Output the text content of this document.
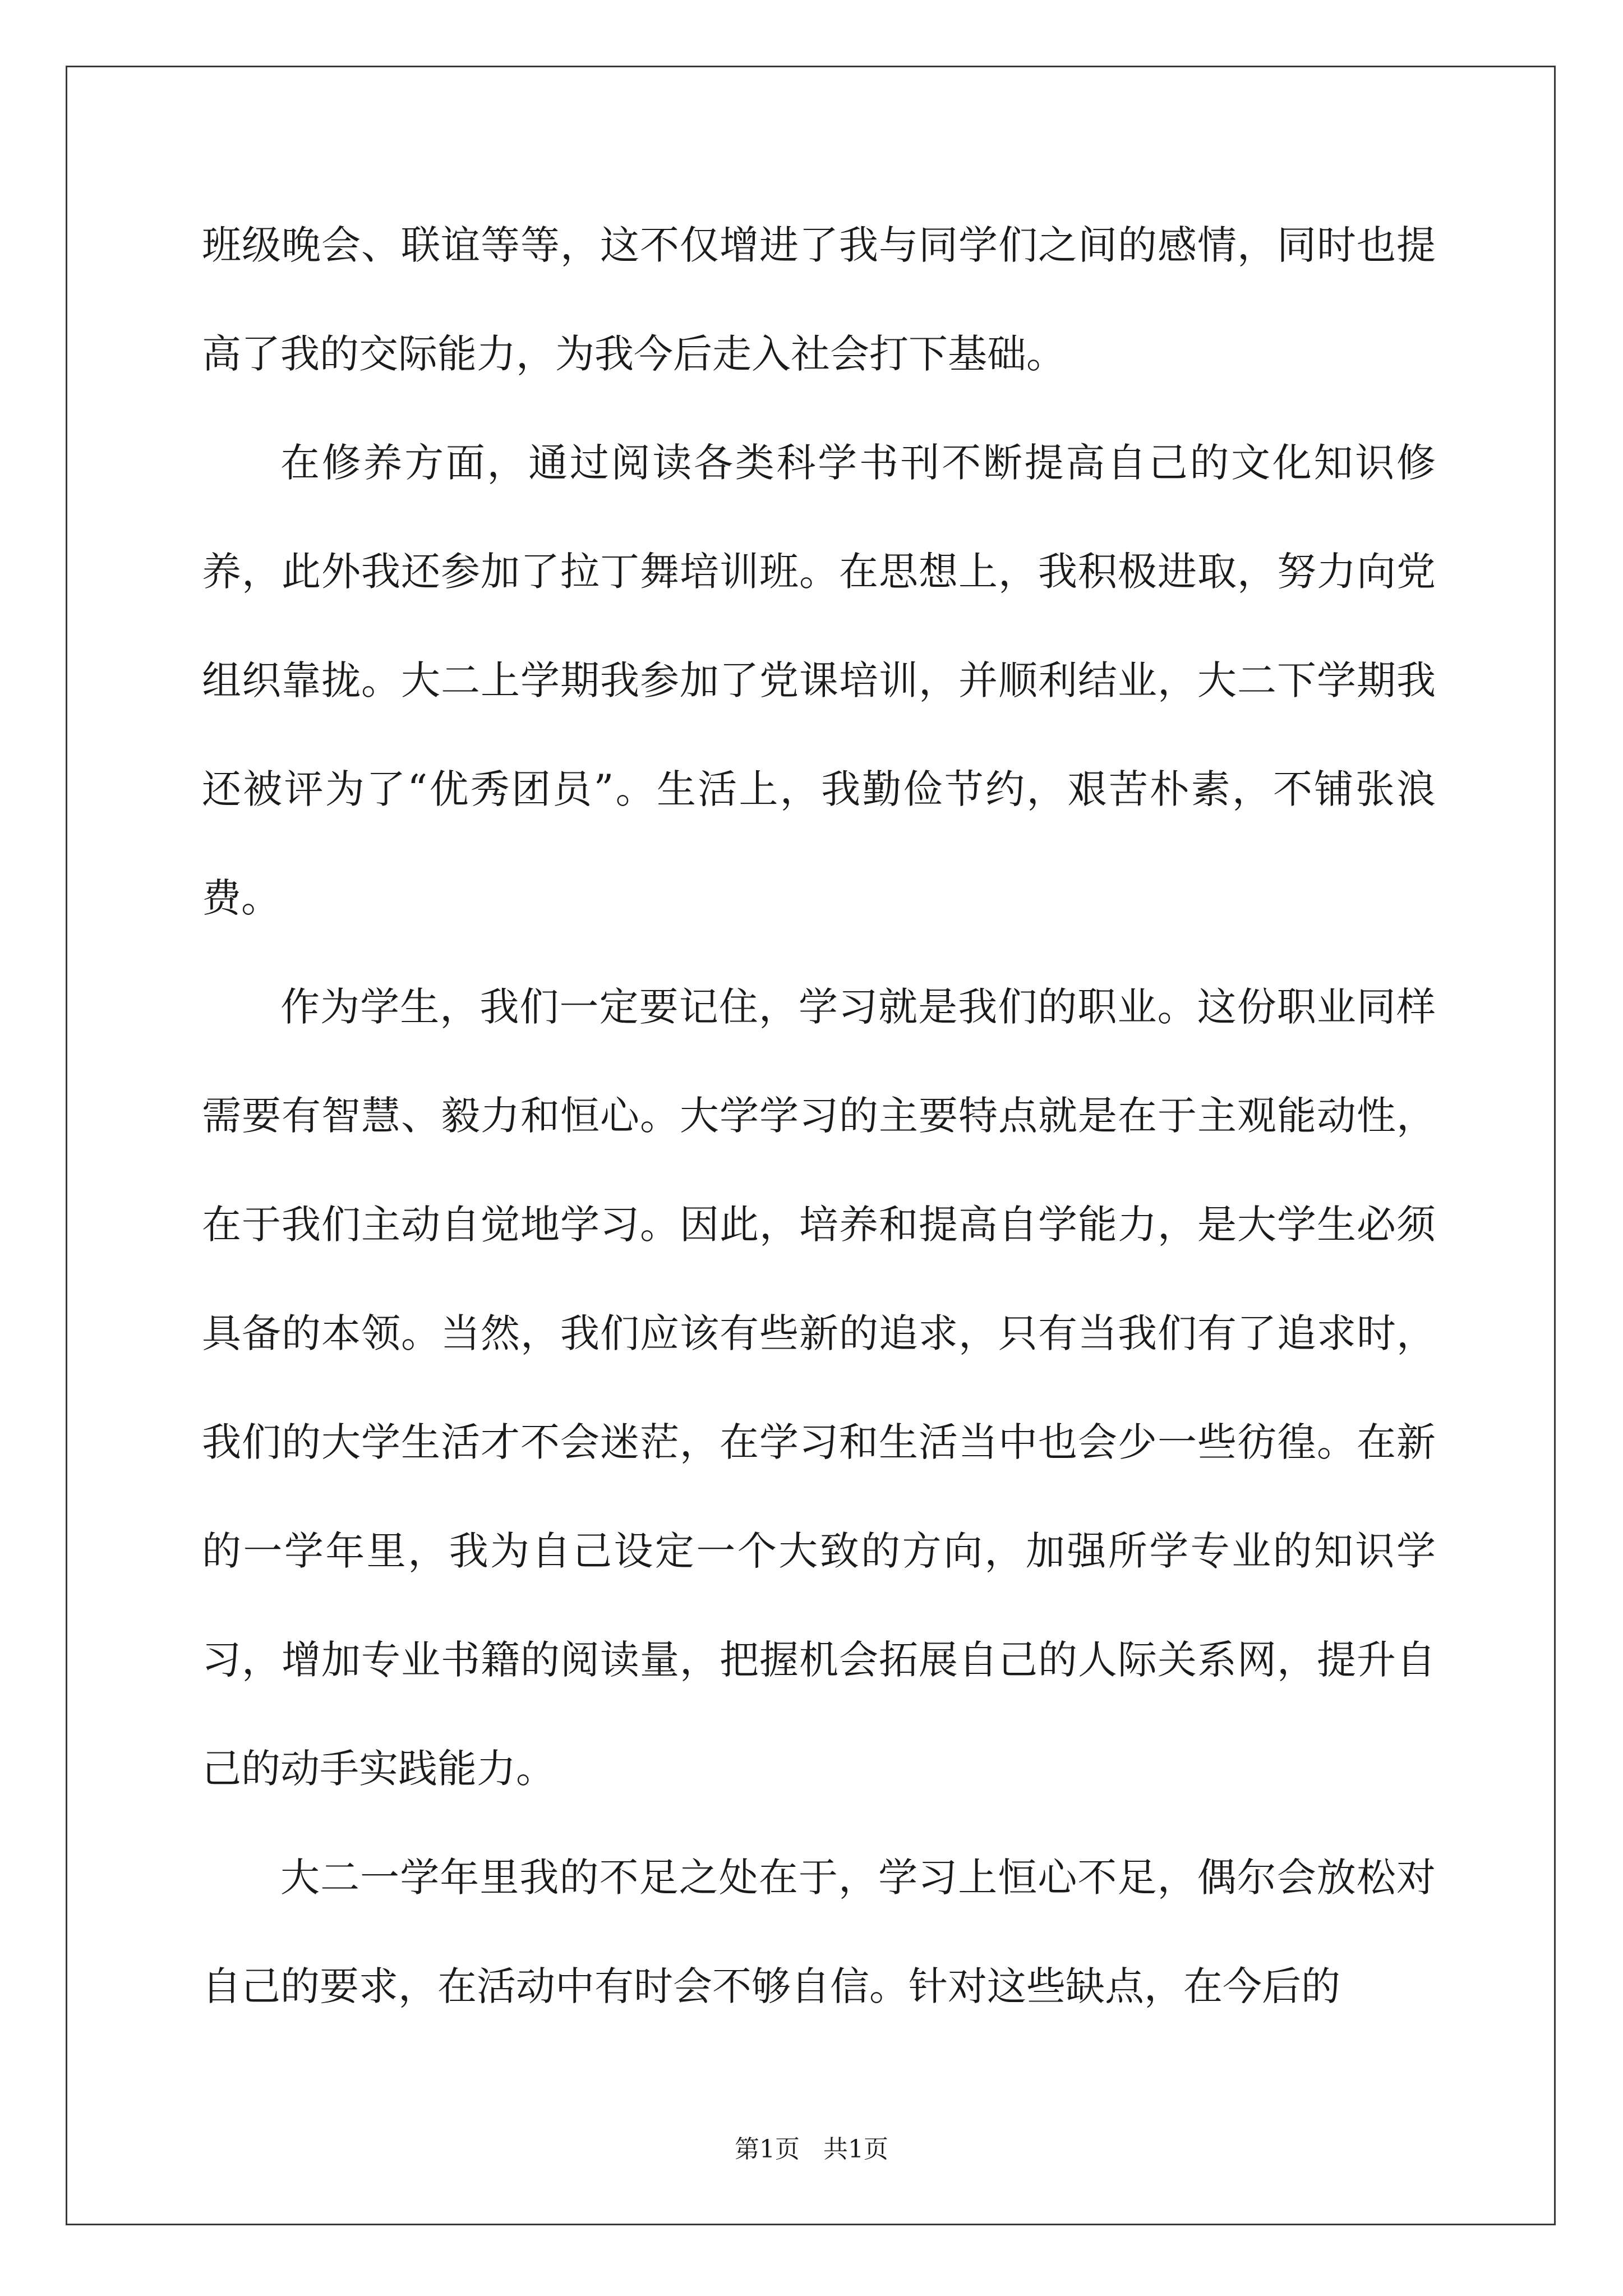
班级晚会、联谊等等，这不仅增进了我与同学们之间的感情，同时也提高了我的交际能力，为我今后走入社会打下基础。

在修养方面，通过阅读各类科学书刊不断提高自己的文化知识修养，此外我还参加了拉丁舞培训班。在思想上，我积极进取，努力向党组织靠拢。大二上学期我参加了党课培训，并顺利结业，大二下学期我还被评为了“优秀团员”。生活上，我勤俭节约，艰苦朴素，不铺张浪费。

作为学生，我们一定要记住，学习就是我们的职业。这份职业同样需要有智慧、毅力和恒心。大学学习的主要特点就是在于主观能动性，在于我们主动自觉地学习。因此，培养和提高自学能力，是大学生必须具备的本领。当然，我们应该有些新的追求，只有当我们有了追求时，我们的大学生活才不会迷茫，在学习和生活当中也会少一些彷徨。在新的一学年里，我为自己设定一个大致的方向，加强所学专业的知识学习，增加专业书籍的阅读量，把握机会拓展自己的人际关系网，提升自己的动手实践能力。

大二一学年里我的不足之处在于，学习上恒心不足，偶尔会放松对自己的要求，在活动中有时会不够自信。针对这些缺点，在今后的

第1页   共1页
